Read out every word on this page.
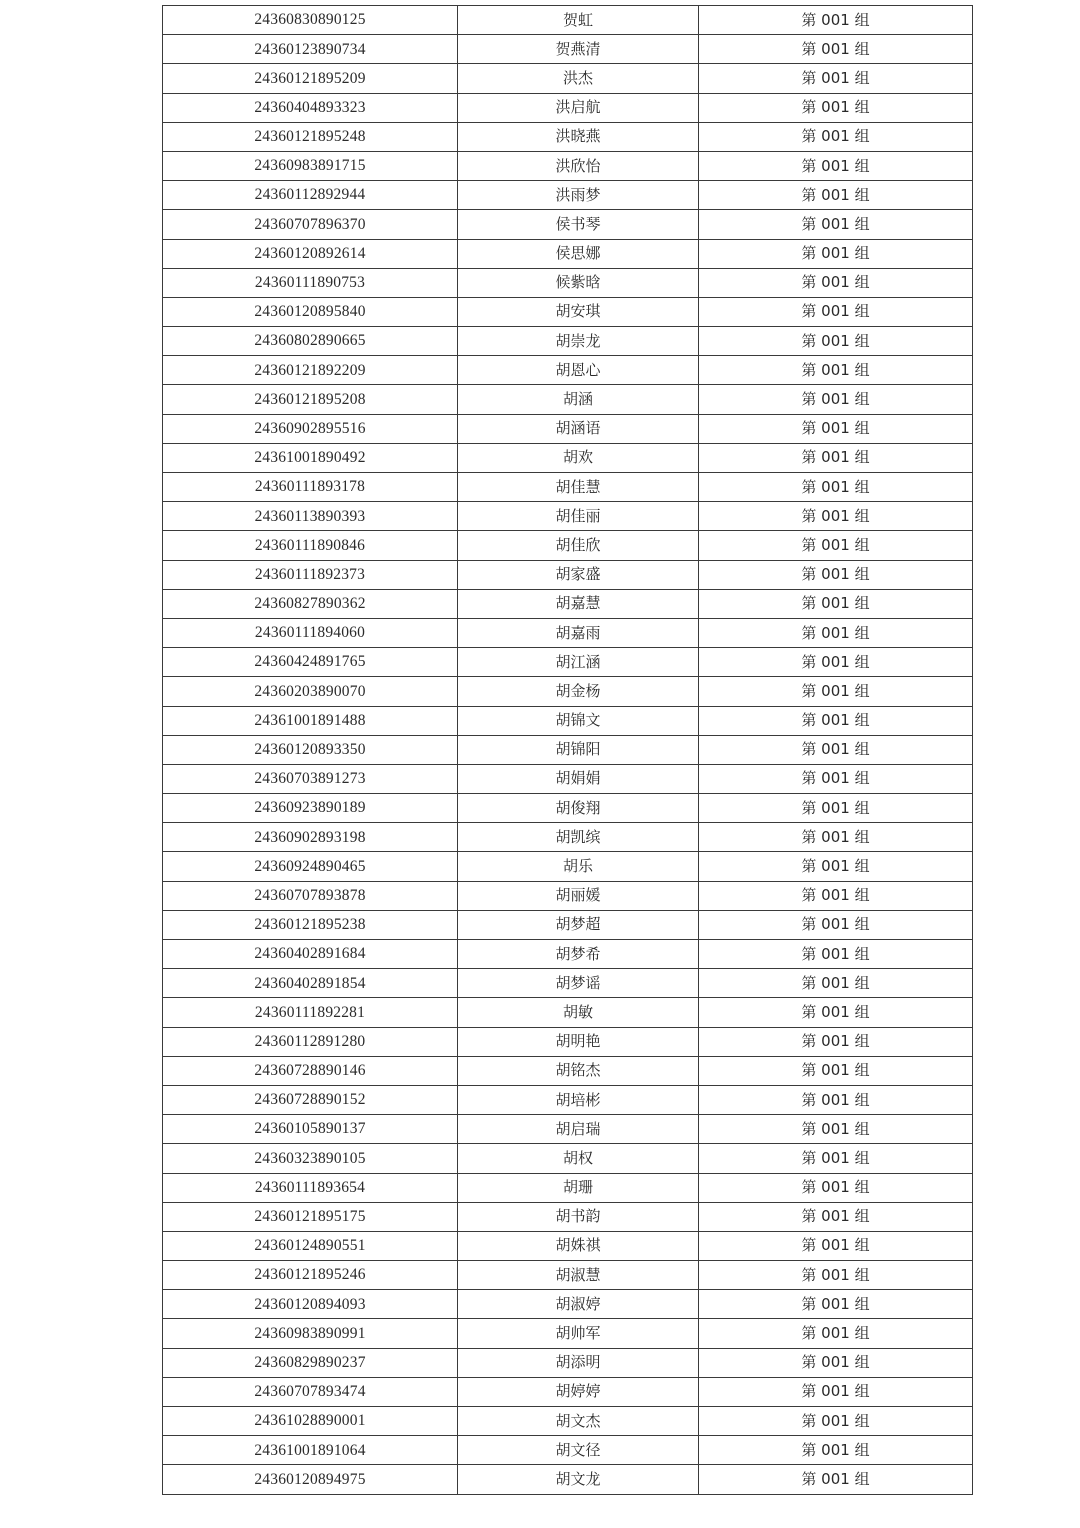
24360830890125	贺虹	第 001 组
24360123890734	贺燕清	第 001 组
24360121895209	洪杰	第 001 组
24360404893323	洪启航	第 001 组
24360121895248	洪晓燕	第 001 组
24360983891715	洪欣怡	第 001 组
24360112892944	洪雨梦	第 001 组
24360707896370	侯书琴	第 001 组
24360120892614	侯思娜	第 001 组
24360111890753	候紫晗	第 001 组
24360120895840	胡安琪	第 001 组
24360802890665	胡崇龙	第 001 组
24360121892209	胡恩心	第 001 组
24360121895208	胡涵	第 001 组
24360902895516	胡涵语	第 001 组
24361001890492	胡欢	第 001 组
24360111893178	胡佳慧	第 001 组
24360113890393	胡佳丽	第 001 组
24360111890846	胡佳欣	第 001 组
24360111892373	胡家盛	第 001 组
24360827890362	胡嘉慧	第 001 组
24360111894060	胡嘉雨	第 001 组
24360424891765	胡江涵	第 001 组
24360203890070	胡金杨	第 001 组
24361001891488	胡锦文	第 001 组
24360120893350	胡锦阳	第 001 组
24360703891273	胡娟娟	第 001 组
24360923890189	胡俊翔	第 001 组
24360902893198	胡凯缤	第 001 组
24360924890465	胡乐	第 001 组
24360707893878	胡丽媛	第 001 组
24360121895238	胡梦超	第 001 组
24360402891684	胡梦希	第 001 组
24360402891854	胡梦谣	第 001 组
24360111892281	胡敏	第 001 组
24360112891280	胡明艳	第 001 组
24360728890146	胡铭杰	第 001 组
24360728890152	胡培彬	第 001 组
24360105890137	胡启瑞	第 001 组
24360323890105	胡权	第 001 组
24360111893654	胡珊	第 001 组
24360121895175	胡书韵	第 001 组
24360124890551	胡姝祺	第 001 组
24360121895246	胡淑慧	第 001 组
24360120894093	胡淑婷	第 001 组
24360983890991	胡帅军	第 001 组
24360829890237	胡添明	第 001 组
24360707893474	胡婷婷	第 001 组
24361028890001	胡文杰	第 001 组
24361001891064	胡文径	第 001 组
24360120894975	胡文龙	第 001 组
